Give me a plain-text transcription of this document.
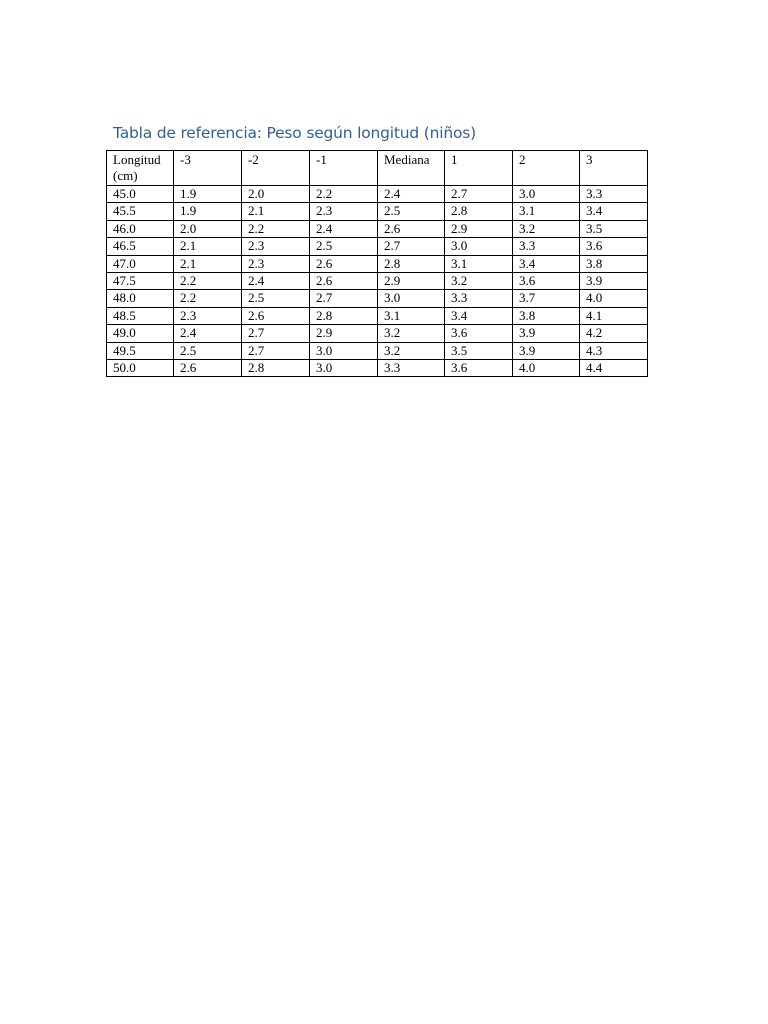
Tabla de referencia: Peso según longitud (niños)
Longitud (cm)	-3	-2	-1	Mediana	1	2	3
45.0	1.9	2.0	2.2	2.4	2.7	3.0	3.3
45.5	1.9	2.1	2.3	2.5	2.8	3.1	3.4
46.0	2.0	2.2	2.4	2.6	2.9	3.2	3.5
46.5	2.1	2.3	2.5	2.7	3.0	3.3	3.6
47.0	2.1	2.3	2.6	2.8	3.1	3.4	3.8
47.5	2.2	2.4	2.6	2.9	3.2	3.6	3.9
48.0	2.2	2.5	2.7	3.0	3.3	3.7	4.0
48.5	2.3	2.6	2.8	3.1	3.4	3.8	4.1
49.0	2.4	2.7	2.9	3.2	3.6	3.9	4.2
49.5	2.5	2.7	3.0	3.2	3.5	3.9	4.3
50.0	2.6	2.8	3.0	3.3	3.6	4.0	4.4
